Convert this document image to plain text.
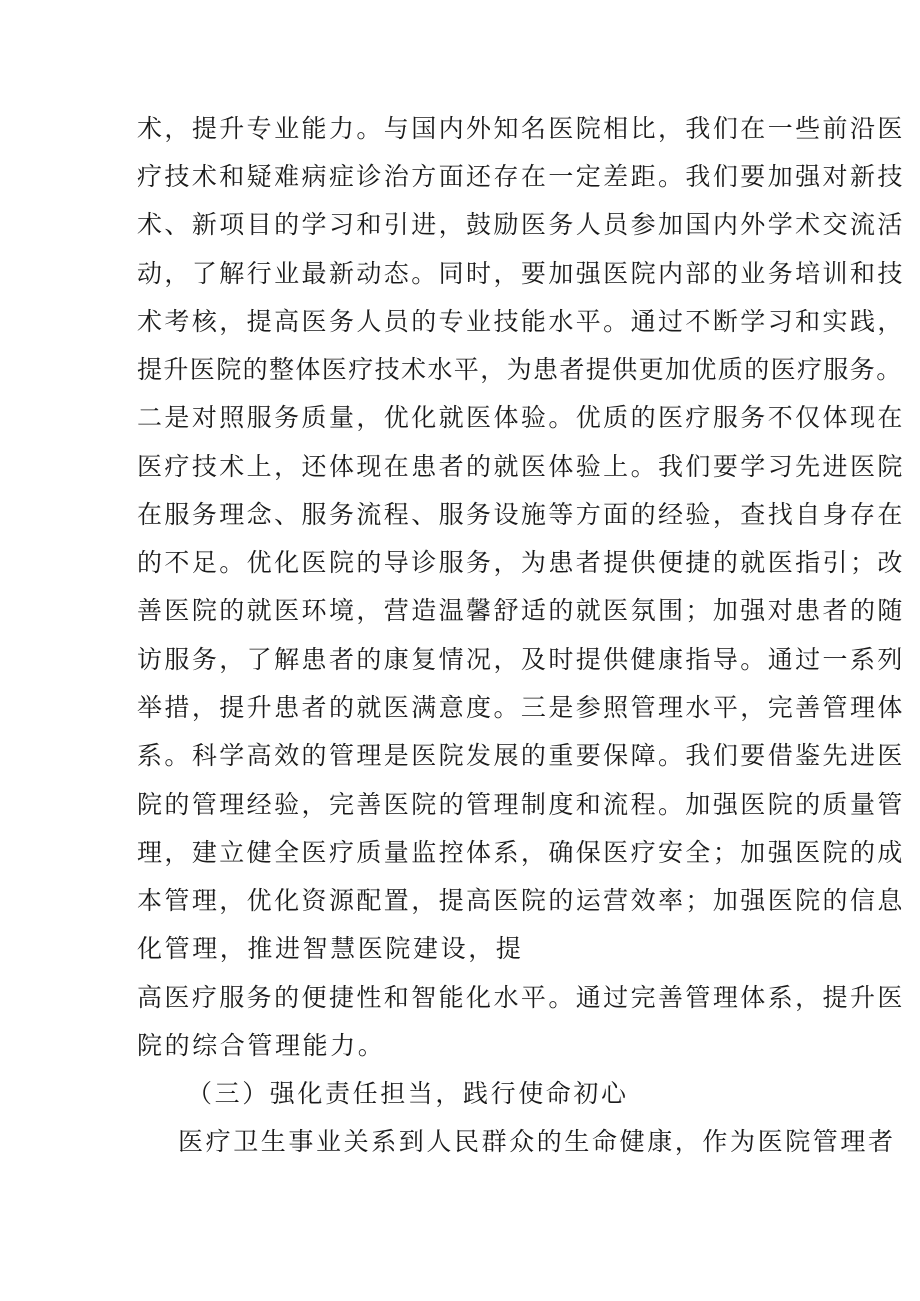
术，提升专业能力。与国内外知名医院相比，我们在一些前沿医
疗技术和疑难病症诊治方面还存在一定差距。我们要加强对新技
术、新项目的学习和引进，鼓励医务人员参加国内外学术交流活
动，了解行业最新动态。同时，要加强医院内部的业务培训和技
术考核，提高医务人员的专业技能水平。通过不断学习和实践，
提升医院的整体医疗技术水平，为患者提供更加优质的医疗服务。
二是对照服务质量，优化就医体验。优质的医疗服务不仅体现在
医疗技术上，还体现在患者的就医体验上。我们要学习先进医院
在服务理念、服务流程、服务设施等方面的经验，查找自身存在
的不足。优化医院的导诊服务，为患者提供便捷的就医指引；改
善医院的就医环境，营造温馨舒适的就医氛围；加强对患者的随
访服务，了解患者的康复情况，及时提供健康指导。通过一系列
举措，提升患者的就医满意度。三是参照管理水平，完善管理体
系。科学高效的管理是医院发展的重要保障。我们要借鉴先进医
院的管理经验，完善医院的管理制度和流程。加强医院的质量管
理，建立健全医疗质量监控体系，确保医疗安全；加强医院的成
本管理，优化资源配置，提高医院的运营效率；加强医院的信息
化管理，推进智慧医院建设，提
高医疗服务的便捷性和智能化水平。通过完善管理体系，提升医
院的综合管理能力。
（三）强化责任担当，践行使命初心
医疗卫生事业关系到人民群众的生命健康，作为医院管理者
